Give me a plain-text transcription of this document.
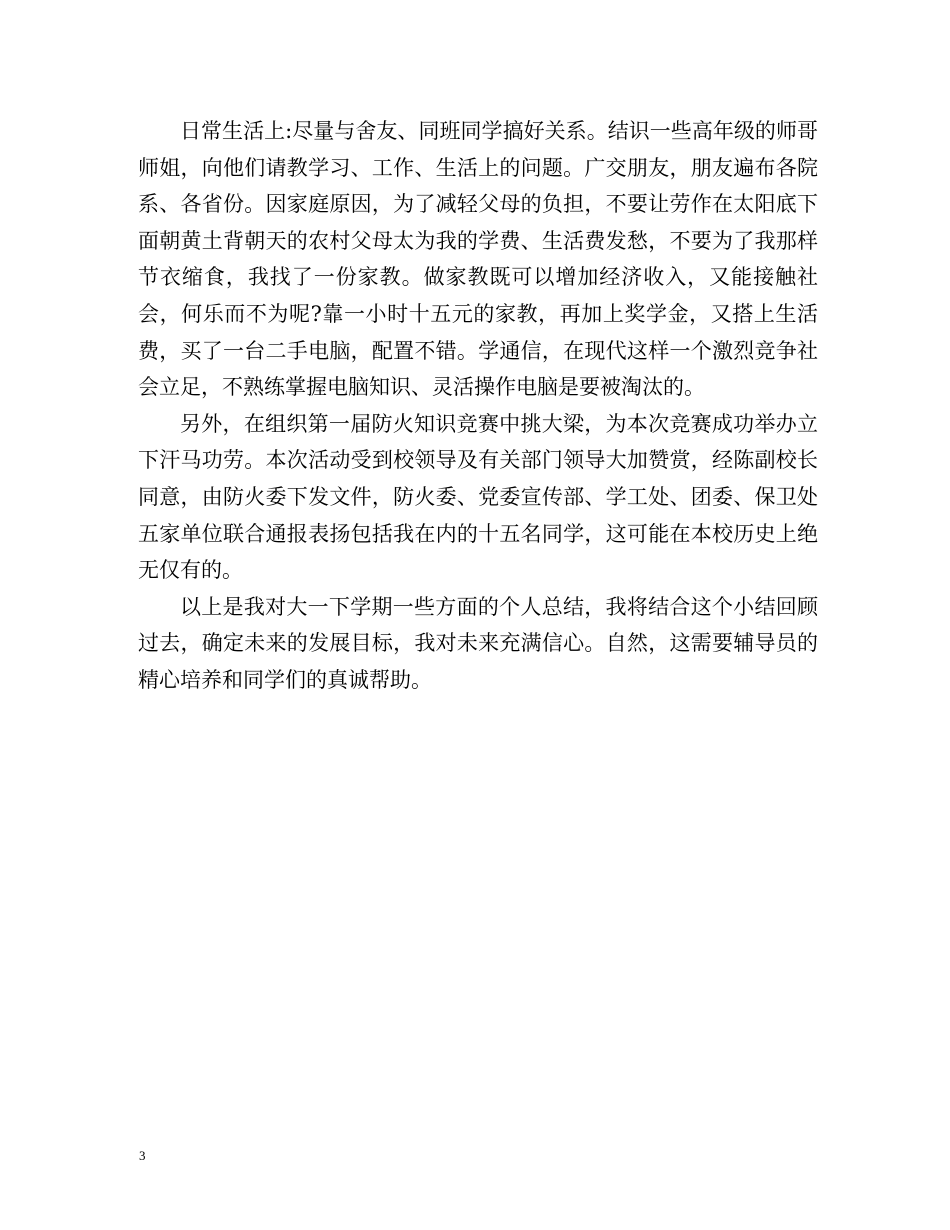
日常生活上:尽量与舍友、同班同学搞好关系。结识一些高年级的师哥师姐，向他们请教学习、工作、生活上的问题。广交朋友，朋友遍布各院系、各省份。因家庭原因，为了减轻父母的负担，不要让劳作在太阳底下面朝黄土背朝天的农村父母太为我的学费、生活费发愁，不要为了我那样节衣缩食，我找了一份家教。做家教既可以增加经济收入，又能接触社会，何乐而不为呢?靠一小时十五元的家教，再加上奖学金，又搭上生活费，买了一台二手电脑，配置不错。学通信，在现代这样一个激烈竞争社会立足，不熟练掌握电脑知识、灵活操作电脑是要被淘汰的。

另外，在组织第一届防火知识竞赛中挑大梁，为本次竞赛成功举办立下汗马功劳。本次活动受到校领导及有关部门领导大加赞赏，经陈副校长同意，由防火委下发文件，防火委、党委宣传部、学工处、团委、保卫处五家单位联合通报表扬包括我在内的十五名同学，这可能在本校历史上绝无仅有的。

以上是我对大一下学期一些方面的个人总结，我将结合这个小结回顾过去，确定未来的发展目标，我对未来充满信心。自然，这需要辅导员的精心培养和同学们的真诚帮助。

3
